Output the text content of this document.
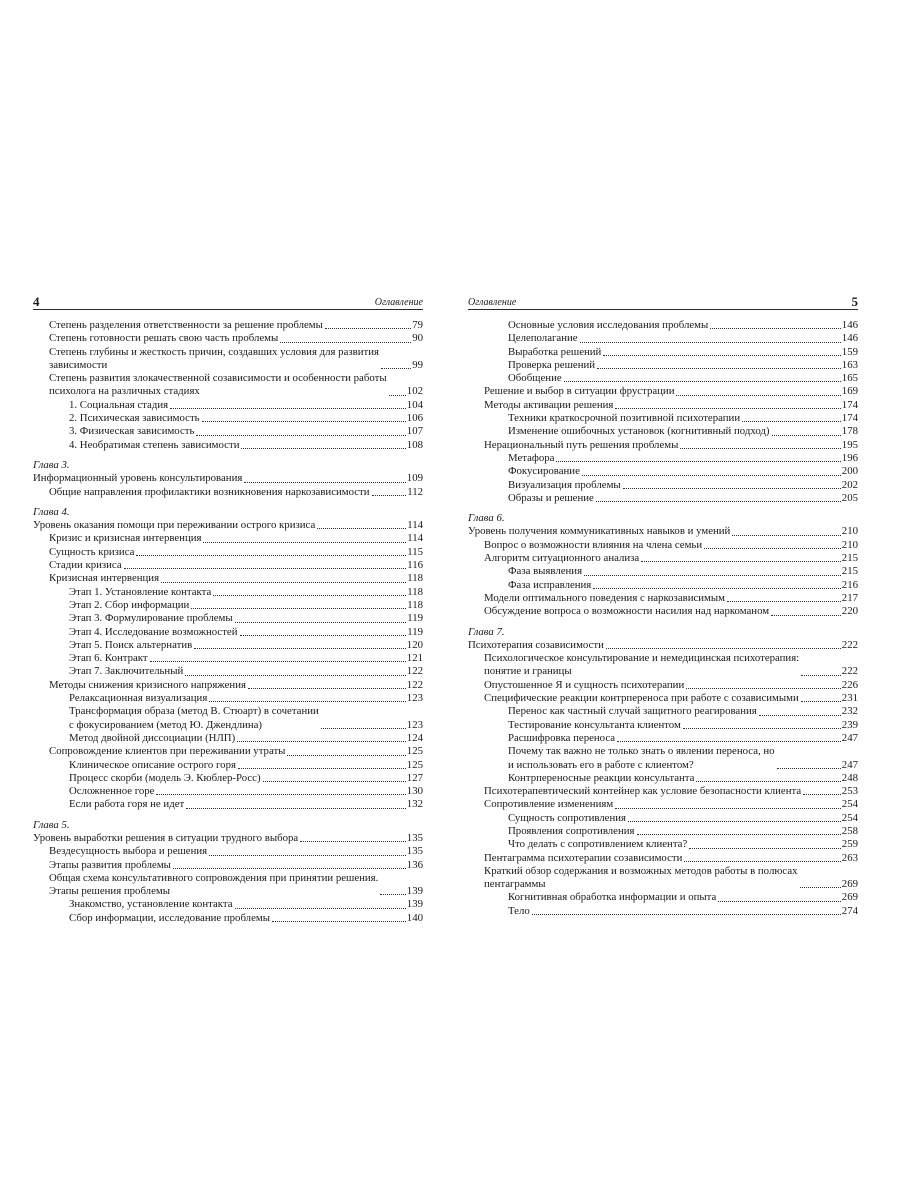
4	Оглавление
Степень разделения ответственности за решение проблемы	79
Степень готовности решать свою часть проблемы	90
Степень глубины и жесткость причин, создавших условия для развития
зависимости	99
Степень развития злокачественной созависимости и особенности работы
психолога на различных стадиях	102
1. Социальная стадия	104
2. Психическая зависимость	106
3. Физическая зависимость	107
4. Необратимая степень зависимости	108
Глава 3.
Информационный уровень консультирования	109
Общие направления профилактики возникновения наркозависимости	112
Глава 4.
Уровень оказания помощи при переживании острого кризиса	114
Кризис и кризисная интервенция	114
Сущность кризиса	115
Стадии кризиса	116
Кризисная интервенция	118
Этап 1. Установление контакта	118
Этап 2. Сбор информации	118
Этап 3. Формулирование проблемы	119
Этап 4. Исследование возможностей	119
Этап 5. Поиск альтернатив	120
Этап 6. Контракт	121
Этап 7. Заключительный	122
Методы снижения кризисного напряжения	122
Релаксационная визуализация	123
Трансформация образа (метод В. Стюарт) в сочетании
с фокусированием (метод Ю. Джендлина)	123
Метод двойной диссоциации (НЛП)	124
Сопровождение клиентов при переживании утраты	125
Клиническое описание острого горя	125
Процесс скорби (модель Э. Кюблер-Росс)	127
Осложненное горе	130
Если работа горя не идет	132
Глава 5.
Уровень выработки решения в ситуации трудного выбора	135
Вездесущность выбора и решения	135
Этапы развития проблемы	136
Общая схема консультативного сопровождения при принятии решения.
Этапы решения проблемы	139
Знакомство, установление контакта	139
Сбор информации, исследование проблемы	140
Оглавление	5
Основные условия исследования проблемы	146
Целеполагание	146
Выработка решений	159
Проверка решений	163
Обобщение	165
Решение и выбор в ситуации фрустрации	169
Методы активации решения	174
Техники краткосрочной позитивной психотерапии	174
Изменение ошибочных установок (когнитивный подход)	178
Нерациональный путь решения проблемы	195
Метафора	196
Фокусирование	200
Визуализация проблемы	202
Образы и решение	205
Глава 6.
Уровень получения коммуникативных навыков и умений	210
Вопрос о возможности влияния на члена семьи	210
Алгоритм ситуационного анализа	215
Фаза выявления	215
Фаза исправления	216
Модели оптимального поведения с наркозависимым	217
Обсуждение вопроса о возможности насилия над наркоманом	220
Глава 7.
Психотерапия созависимости	222
Психологическое консультирование и немедицинская психотерапия:
понятие и границы	222
Опустошенное Я и сущность психотерапии	226
Специфические реакции контрпереноса при работе с созависимыми	231
Перенос как частный случай защитного реагирования	232
Тестирование консультанта клиентом	239
Расшифровка переноса	247
Почему так важно не только знать о явлении переноса, но
и использовать его в работе с клиентом?	247
Контрпереносные реакции консультанта	248
Психотерапевтический контейнер как условие безопасности клиента	253
Сопротивление изменениям	254
Сущность сопротивления	254
Проявления сопротивления	258
Что делать с сопротивлением клиента?	259
Пентаграмма психотерапии созависимости	263
Краткий обзор содержания и возможных методов работы в полюсах
пентаграммы	269
Когнитивная обработка информации и опыта	269
Тело	274
